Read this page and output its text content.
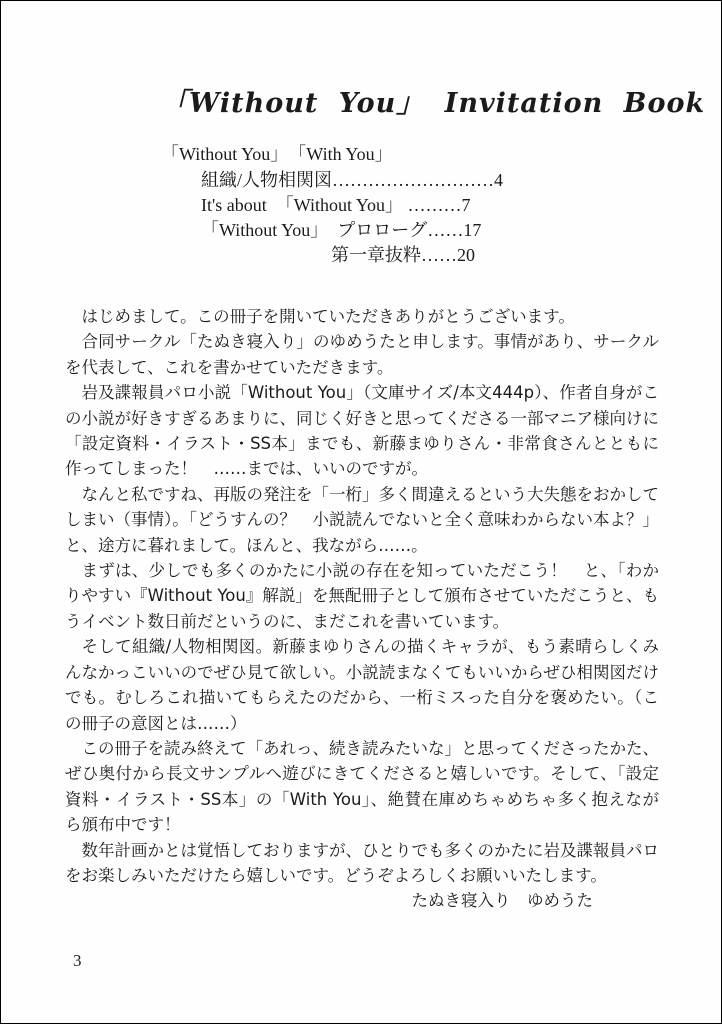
「Without You」 Invitation Book
「Without You」　「With You」
組織/人物相関図………………………4
It's about　「Without You」 ………7
「Without You」　プロローグ……17
第一章抜粋……20

はじめまして。この冊子を開いていただきありがとうございます。

合同サークル「たぬき寝入り」のゆめうたと申します。事情があり、サークルを代表して、これを書かせていただきます。

岩及諜報員パロ小説「Without You」（文庫サイズ/本文444p）、作者自身がこの小説が好きすぎるあまりに、同じく好きと思ってくださる一部マニア様向けに「設定資料・イラスト・SS本」までも、新藤まゆりさん・非常食さんとともに作ってしまった！　……までは、いいのですが。

なんと私ですね、再版の発注を「一桁」多く間違えるという大失態をおかしてしまい（事情）。「どうすんの？　小説読んでないと全く意味わからない本よ？」と、途方に暮れまして。ほんと、我ながら……。

まずは、少しでも多くのかたに小説の存在を知っていただこう！　と、「わかりやすい『Without You』解説」を無配冊子として頒布させていただこうと、もうイベント数日前だというのに、まだこれを書いています。

そして組織/人物相関図。新藤まゆりさんの描くキャラが、もう素晴らしくみんなかっこいいのでぜひ見て欲しい。小説読まなくてもいいからぜひ相関図だけでも。むしろこれ描いてもらえたのだから、一桁ミスった自分を褒めたい。（この冊子の意図とは……）

この冊子を読み終えて「あれっ、続き読みたいな」と思ってくださったかた、ぜひ奥付から長文サンプルへ遊びにきてくださると嬉しいです。そして、「設定資料・イラスト・SS本」の「With You」、絶賛在庫めちゃめちゃ多く抱えながら頒布中です！

数年計画かとは覚悟しておりますが、ひとりでも多くのかたに岩及諜報員パロをお楽しみいただけたら嬉しいです。どうぞよろしくお願いいたします。

たぬき寝入り　ゆめうた

3
